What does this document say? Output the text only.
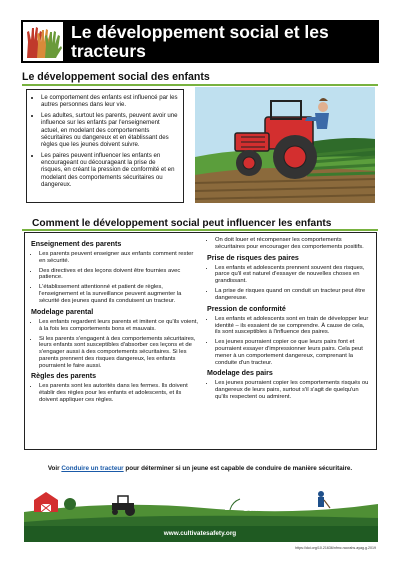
Le développement social et les tracteurs
Le développement social des enfants
• Le comportement des enfants est influencé par les autres personnes dans leur vie.
• Les adultes, surtout les parents, peuvent avoir une influence sur les enfants par l'enseignement actuel, en modelant des comportements sécuritaires ou dangereux et en établissant des règles que les jeunes doivent suivre.
• Les paires peuvent influencer les enfants en encourageant ou décourageant la prise de risques, en créant la pression de conformité et en modelant des comportements sécuritaires ou dangereux.
Comment le développement social peut influencer les enfants
Enseignement des parents
• Les parents peuvent enseigner aux enfants comment rester en sécurité.
• Des directives et des leçons doivent être fournies avec patience.
• L'établissement attentionné et patient de règles, l'enseignement et la surveillance peuvent augmenter la sécurité des jeunes quand ils conduisent un tracteur.
Modelage parental
• Les enfants regardent leurs parents et imitent ce qu'ils voient, à la fois les comportements bons et mauvais.
• Si les parents s'engagent à des comportements sécuritaires, leurs enfants sont susceptibles d'absorber ces leçons et de s'engager aussi à des comportements sécuritaires. Si les parents prennent des risques dangereux, les enfants pourraient le faire aussi.
Règles des parents
• Les parents sont les autorités dans les fermes. Ils doivent établir des règles pour les enfants et adolescents, et ils doivent appliquer ces règles.
• On doit louer et récompenser les comportements sécuritaires pour encourager des comportements positifs.
Prise de risques des paires
• Les enfants et adolescents prennent souvent des risques, parce qu'il est naturel d'essayer de nouvelles choses en grandissant.
• La prise de risques quand on conduit un tracteur peut être dangereuse.
Pression de conformité
• Les enfants et adolescents sont en train de développer leur identité – ils essaient de se comprendre. À cause de cela, ils sont susceptibles à l'influence des paires.
• Les jeunes pourraient copier ce que leurs pairs font et pourraient essayer d'impressionner leurs pairs. Cela peut mener à un comportement dangereux, comprenant la conduite d'un tracteur.
Modelage des pairs
• Les jeunes pourraient copier les comportements risqués ou dangereux de leurs pairs, surtout s'il s'agit de quelqu'un qu'ils respectent ou admirent.
Voir Conduire un tracteur pour déterminer si un jeune est capable de conduire de manière sécuritaire.
cultivate
SAFETY
www.cultivatesafety.org
https://doi.org/10.21636/nfmc.nccrahs.ayag.g.2019
